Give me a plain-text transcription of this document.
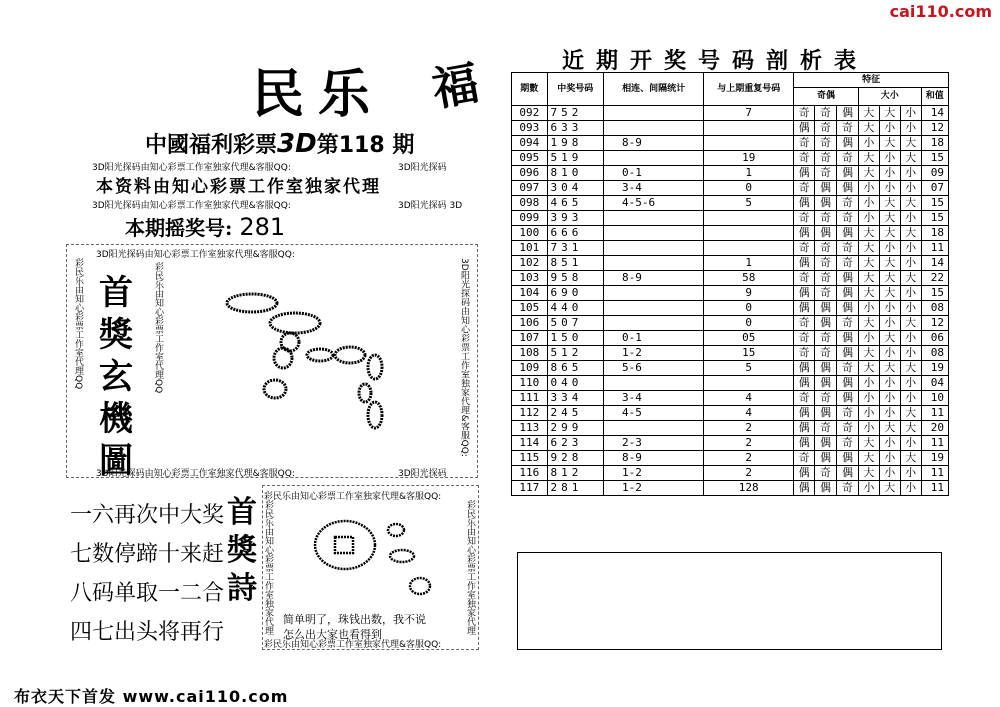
cai110.com
民乐 福
中國福利彩票3D第118 期
3D阳光探码由知心彩票工作室独家代理&客服QQ:	3D阳光探码
本资料由知心彩票工作室独家代理
3D阳光探码由知心彩票工作室独家代理&客服QQ:	3D阳光探码 3D
本期摇奖号: 281
3D阳光探码由知心彩票工作室独家代理&客服QQ:
3D阳光探码由知心彩票工作室独家代理&客服QQ:	3D阳光探码
彩民乐由知心彩票工作室代理QQ	彩民乐由知心彩票工作室代理QQ	3D阳光探码由知心彩票工作室独家代理&客服QQ:
首獎玄機圖
一六再次中大奖
七数停蹄十来赶
八码单取一二合
四七出头将再行
首獎詩
彩民乐由知心彩票工作室独家代理&客服QQ:
彩民乐由知心彩票工作室独家代理&客服QQ:
彩民乐由知心彩票工作室独家代理	彩民乐由知心彩票工作室独家代理
简单明了，珠钱出数，我不说
怎么出大家也看得到
布衣天下首发 www.cai110.com
近期开奖号码剖析表
期數	中奖号码	相连、间隔统计	与上期重复号码	特征						
				奇偶			大小			和值
092	752		7	奇	奇	偶	大	大	小	14
093	633			偶	奇	奇	大	小	小	12
094	198	8-9		奇	奇	偶	小	大	大	18
095	519		19	奇	奇	奇	大	小	大	15
096	810	0-1	1	偶	奇	偶	大	小	小	09
097	304	3-4	0	奇	偶	偶	小	小	小	07
098	465	4-5-6	5	偶	偶	奇	小	大	大	15
099	393			奇	奇	奇	小	大	小	15
100	666			偶	偶	偶	大	大	大	18
101	731			奇	奇	奇	大	小	小	11
102	851		1	偶	奇	奇	大	大	小	14
103	958	8-9	58	奇	奇	偶	大	大	大	22
104	690		9	偶	奇	偶	大	大	小	15
105	440		0	偶	偶	偶	小	小	小	08
106	507		0	奇	偶	奇	大	小	大	12
107	150	0-1	05	奇	奇	偶	小	大	小	06
108	512	1-2	15	奇	奇	偶	大	小	小	08
109	865	5-6	5	偶	偶	奇	大	大	大	19
110	040			偶	偶	偶	小	小	小	04
111	334	3-4	4	奇	奇	偶	小	小	小	10
112	245	4-5	4	偶	偶	奇	小	小	大	11
113	299		2	偶	奇	奇	小	大	大	20
114	623	2-3	2	偶	偶	奇	大	小	小	11
115	928	8-9	2	奇	偶	偶	大	小	大	19
116	812	1-2	2	偶	奇	偶	大	小	小	11
117	281	1-2	128	偶	偶	奇	小	大	小	11
